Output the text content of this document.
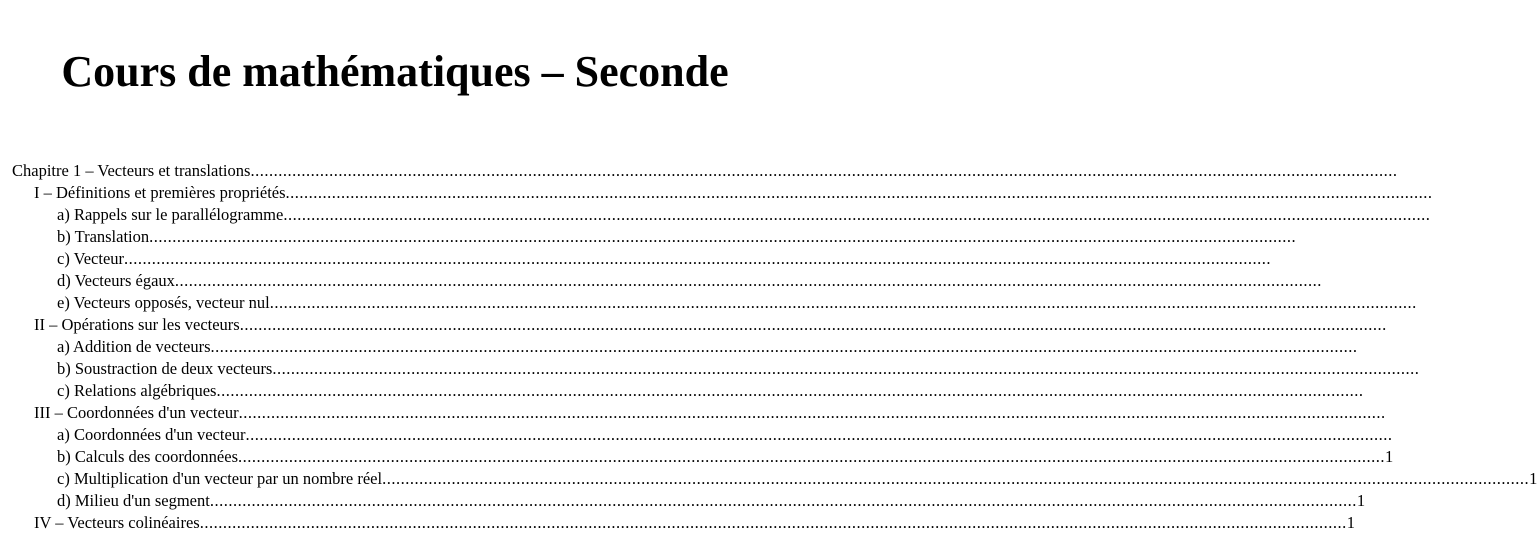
Cours de mathématiques – Seconde
Chapitre 1 – Vecteurs et translations
.....
I – Définitions et premières propriétés
.....
a) Rappels sur le parallélogramme
.....
b) Translation
.....
c) Vecteur
.....
d) Vecteurs égaux
.....
e) Vecteurs opposés, vecteur nul
.....
II – Opérations sur les vecteurs
.....
a) Addition de vecteurs
.....
b) Soustraction de deux vecteurs
.....
c) Relations algébriques
.....
III – Coordonnées d'un vecteur
.....
a) Coordonnées d'un vecteur
.....
b) Calculs des coordonnées .....	1
c) Multiplication d'un vecteur par un nombre réel .....	1
d) Milieu d'un segment .....	1
IV – Vecteurs colinéaires .....	1
